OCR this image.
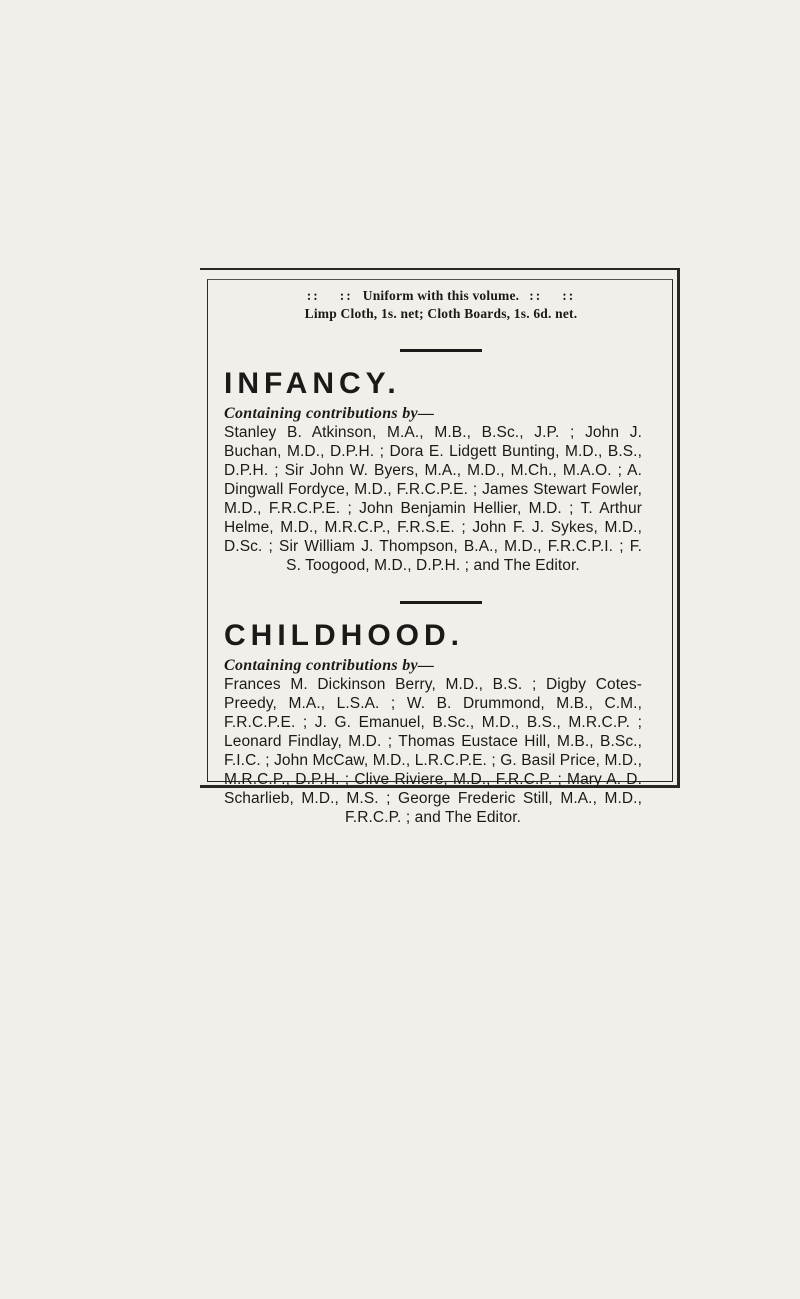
:: :: Uniform with this volume. :: ::
Limp Cloth, 1s. net; Cloth Boards, 1s. 6d. net.
INFANCY.
Containing contributions by—
Stanley B. Atkinson, M.A., M.B., B.Sc., J.P. ; John J. Buchan, M.D., D.P.H. ; Dora E. Lidgett Bunting, M.D., B.S., D.P.H. ; Sir John W. Byers, M.A., M.D., M.Ch., M.A.O. ; A. Dingwall Fordyce, M.D., F.R.C.P.E. ; James Stewart Fowler, M.D., F.R.C.P.E. ; John Benjamin Hellier, M.D. ; T. Arthur Helme, M.D., M.R.C.P., F.R.S.E. ; John F. J. Sykes, M.D., D.Sc. ; Sir William J. Thompson, B.A., M.D., F.R.C.P.I. ; F. S. Toogood, M.D., D.P.H. ; and The Editor.
CHILDHOOD.
Containing contributions by—
Frances M. Dickinson Berry, M.D., B.S. ; Digby Cotes-Preedy, M.A., L.S.A. ; W. B. Drummond, M.B., C.M., F.R.C.P.E. ; J. G. Emanuel, B.Sc., M.D., B.S., M.R.C.P. ; Leonard Findlay, M.D. ; Thomas Eustace Hill, M.B., B.Sc., F.I.C. ; John McCaw, M.D., L.R.C.P.E. ; G. Basil Price, M.D., M.R.C.P., D.P.H. ; Clive Riviere, M.D., F.R.C.P. ; Mary A. D. Scharlieb, M.D., M.S. ; George Frederic Still, M.A., M.D., F.R.C.P. ; and The Editor.
